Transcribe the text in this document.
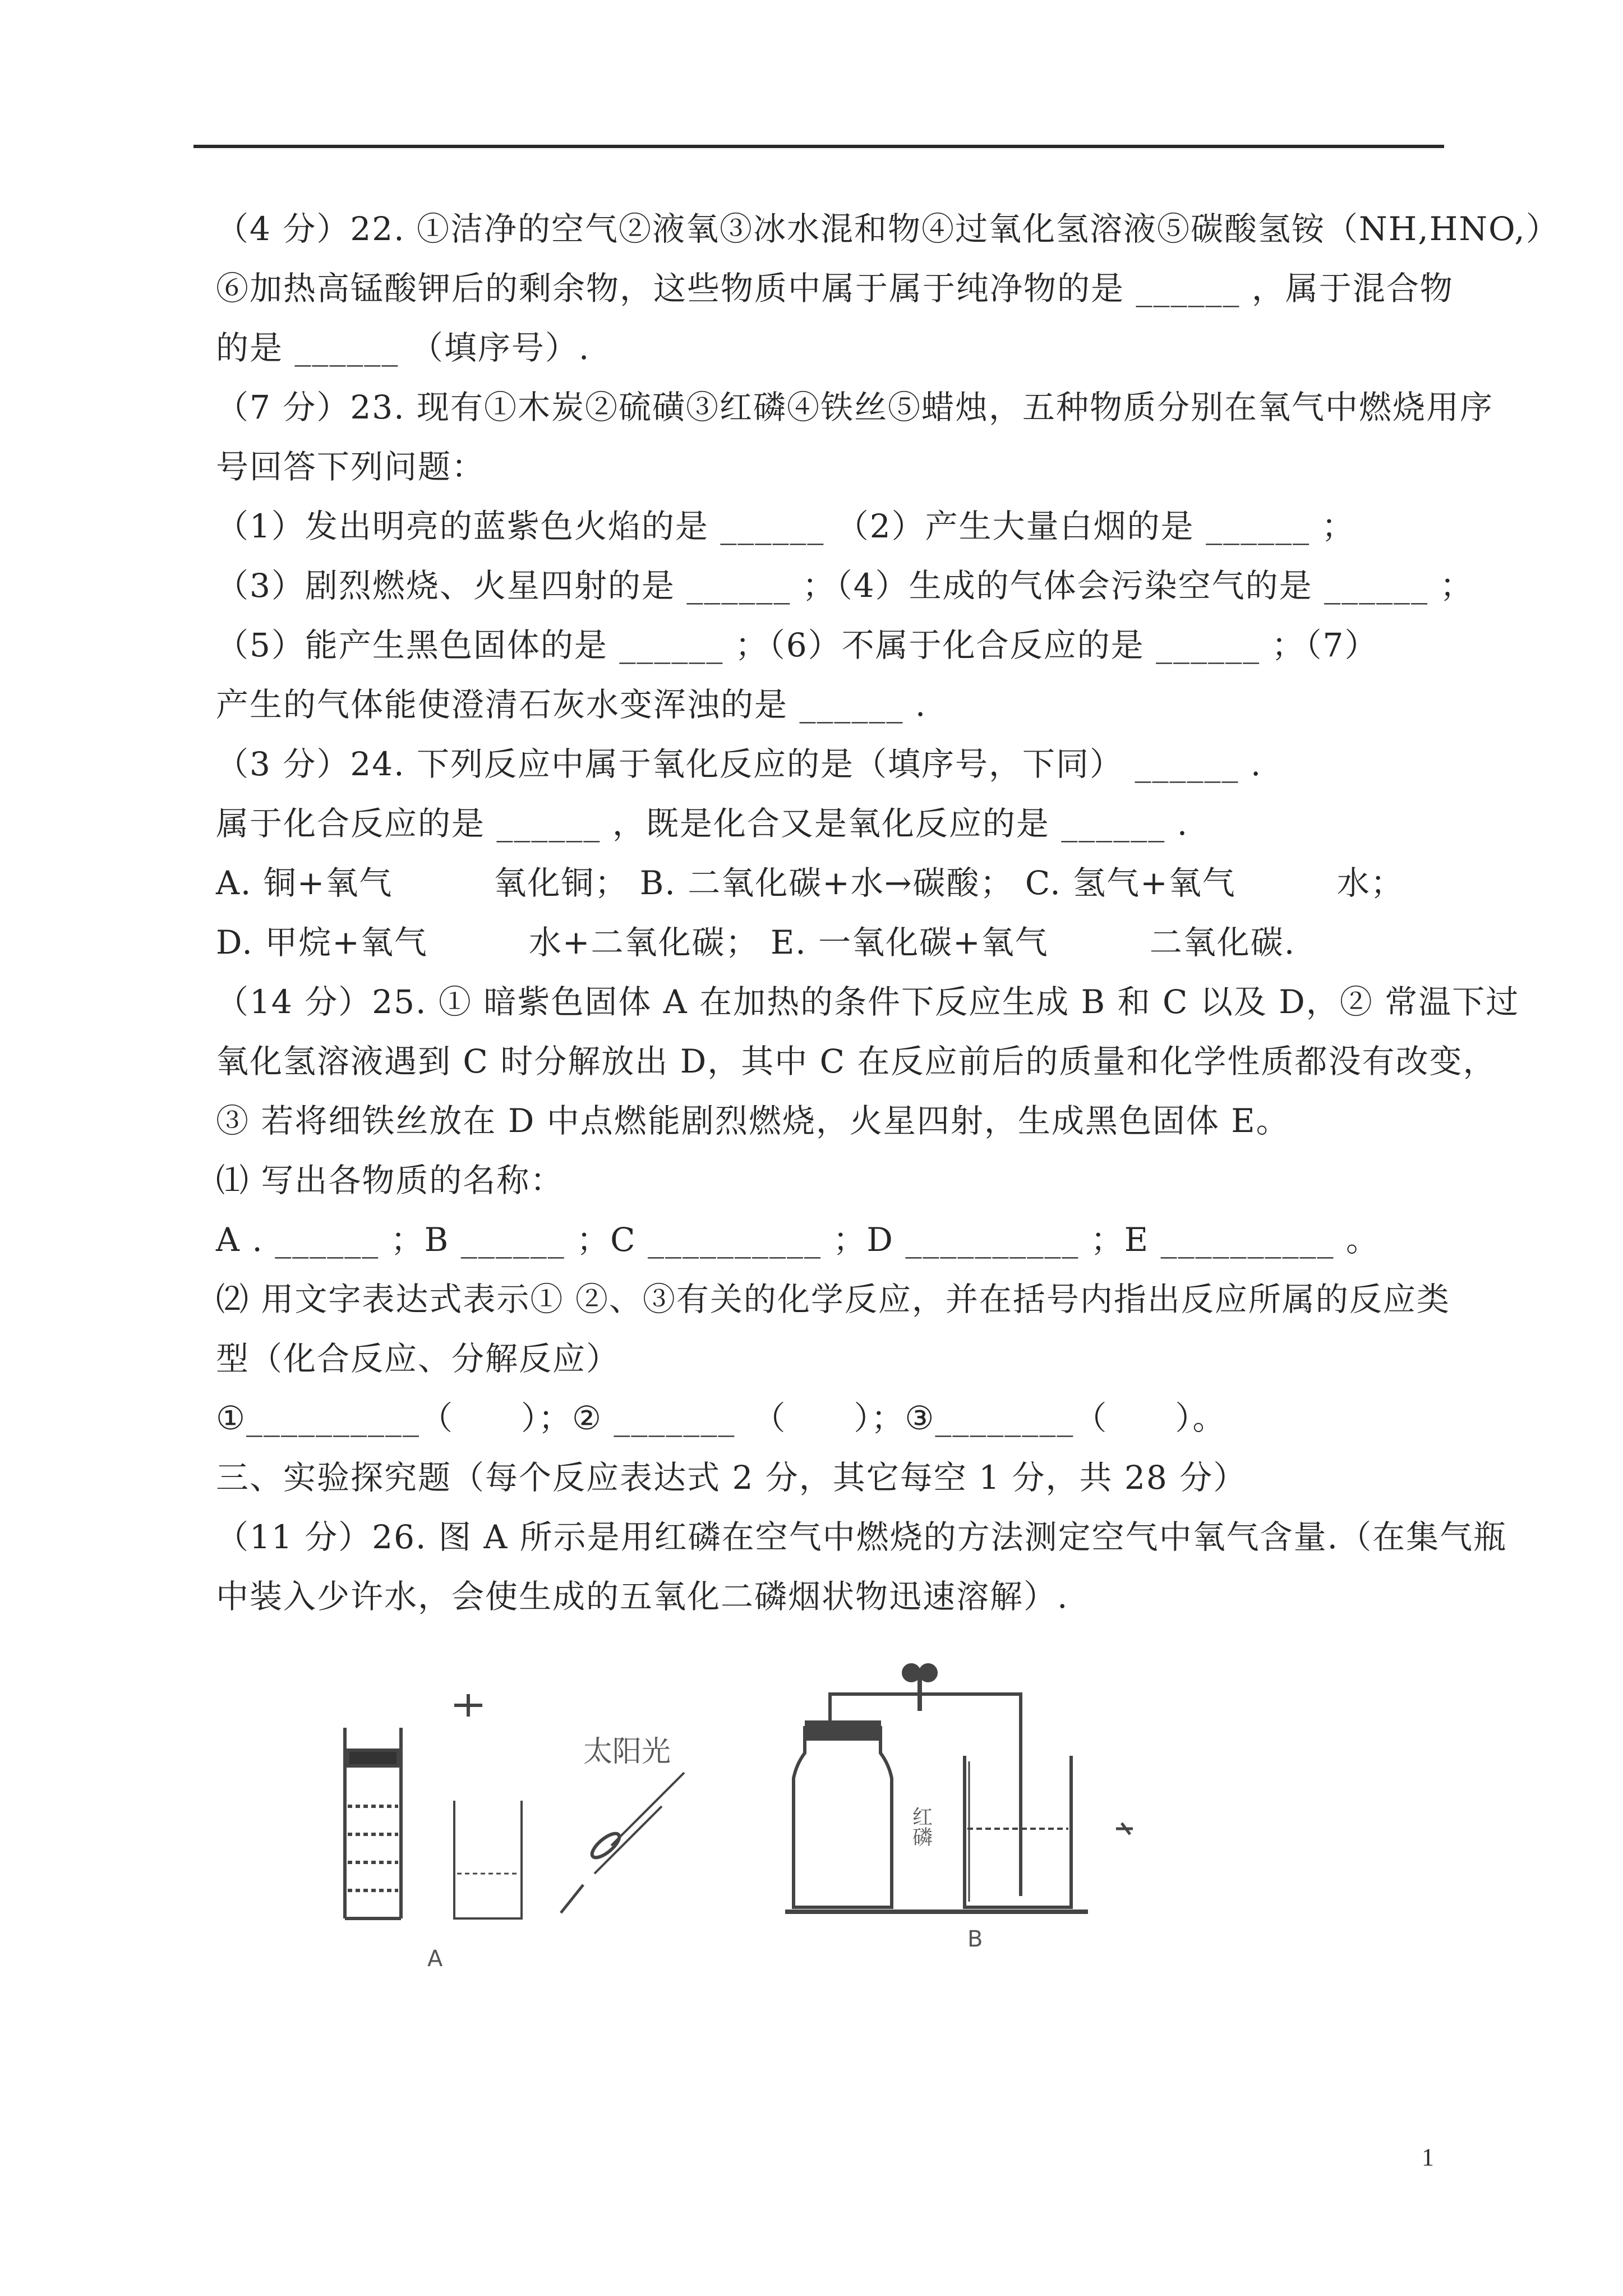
（4 分）22. ①洁净的空气②液氧③冰水混和物④过氧化氢溶液⑤碳酸氢铵（NH,HNO,）
⑥加热高锰酸钾后的剩余物，这些物质中属于属于纯净物的是 ______ ，属于混合物
的是 ______ （填序号）.
（7 分）23. 现有①木炭②硫磺③红磷④铁丝⑤蜡烛，五种物质分别在氧气中燃烧用序
号回答下列问题：
（1）发出明亮的蓝紫色火焰的是 ______ （2）产生大量白烟的是 ______ ；
（3）剧烈燃烧、火星四射的是 ______ ；（4）生成的气体会污染空气的是 ______ ；
（5）能产生黑色固体的是 ______ ；（6）不属于化合反应的是 ______ ；（7）
产生的气体能使澄清石灰水变浑浊的是 ______ .
（3 分）24. 下列反应中属于氧化反应的是（填序号，下同） ______ .
属于化合反应的是 ______ ，既是化合又是氧化反应的是 ______ .
A. 铜+氧气　　　氧化铜； B. 二氧化碳+水→碳酸； C. 氢气+氧气　　　水；
D. 甲烷+氧气　　　水+二氧化碳； E. 一氧化碳+氧气　　　二氧化碳.
（14 分）25. ① 暗紫色固体 A 在加热的条件下反应生成 B 和 C 以及 D，② 常温下过
氧化氢溶液遇到 C 时分解放出 D，其中 C 在反应前后的质量和化学性质都没有改变，
③ 若将细铁丝放在 D 中点燃能剧烈燃烧，火星四射，生成黑色固体 E。
⑴ 写出各物质的名称：
A . ______ ；B ______ ；C __________ ；D __________ ；E __________ 。
⑵ 用文字表达式表示① ②、③有关的化学反应，并在括号内指出反应所属的反应类
型（化合反应、分解反应）
①__________（　　）；② _______　（　　）；③________（　　）。
三、实验探究题（每个反应表达式 2 分，其它每空 1 分，共 28 分）
（11 分）26. 图 A 所示是用红磷在空气中燃烧的方法测定空气中氧气含量.（在集气瓶
中装入少许水，会使生成的五氧化二磷烟状物迅速溶解）.
太阳光
红磷
A
B
1
